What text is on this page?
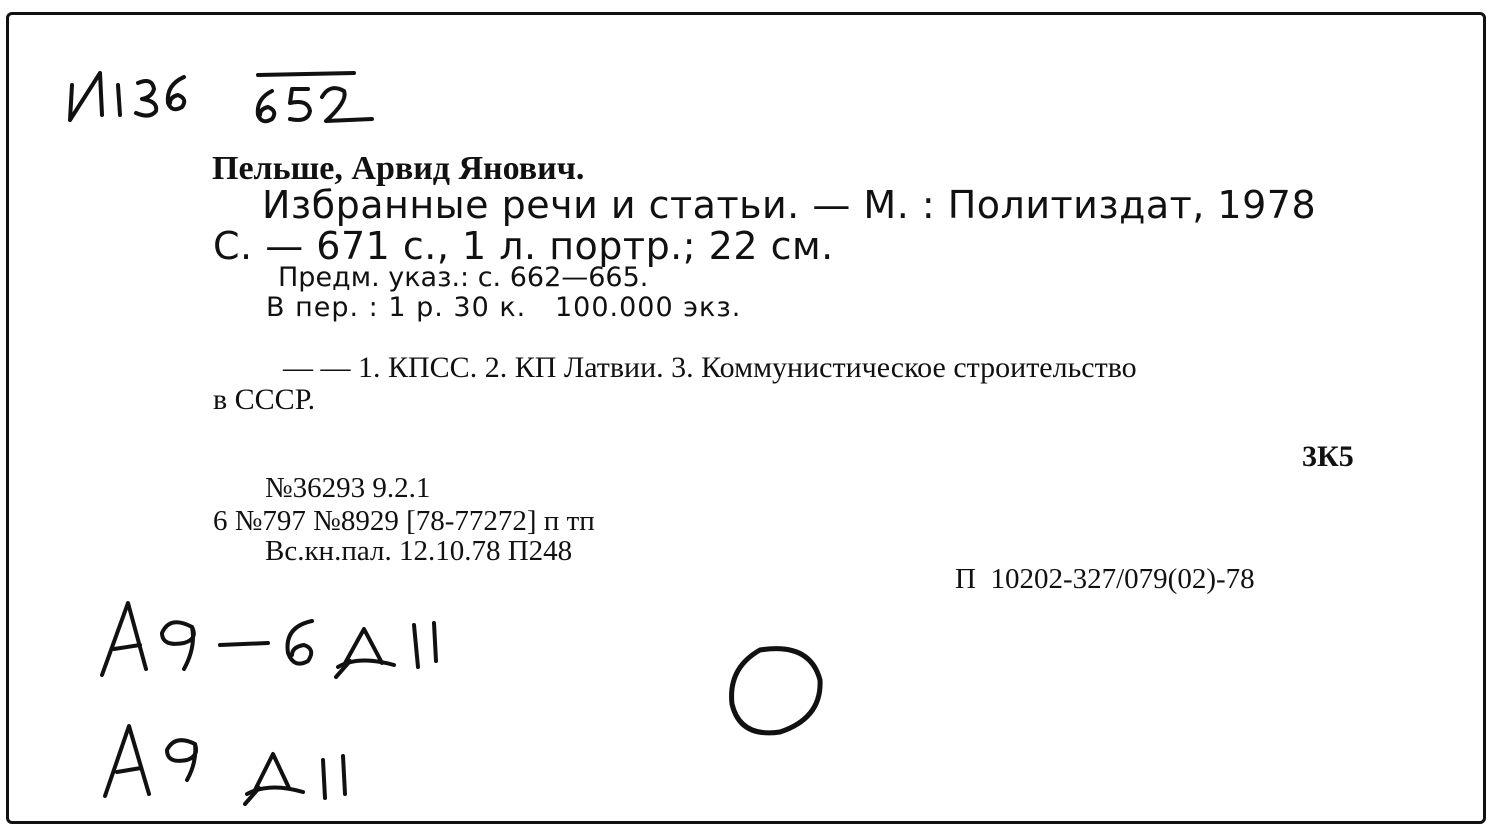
Пельше, Арвид Янович.
Избранные речи и статьи. — М. : Политиздат, 1978
С. — 671 с., 1 л. портр.; 22 см.
Предм. указ.: с. 662—665.
В пер. : 1 р. 30 к.   100.000 экз.
— — 1. КПСС. 2. КП Латвии. 3. Коммунистическое строительство
в СССР.
3К5
№36293 9.2.1
6 №797 №8929 [78-77272] п тп
Вс.кн.пал. 12.10.78 П248
П  10202-327/079(02)-78
